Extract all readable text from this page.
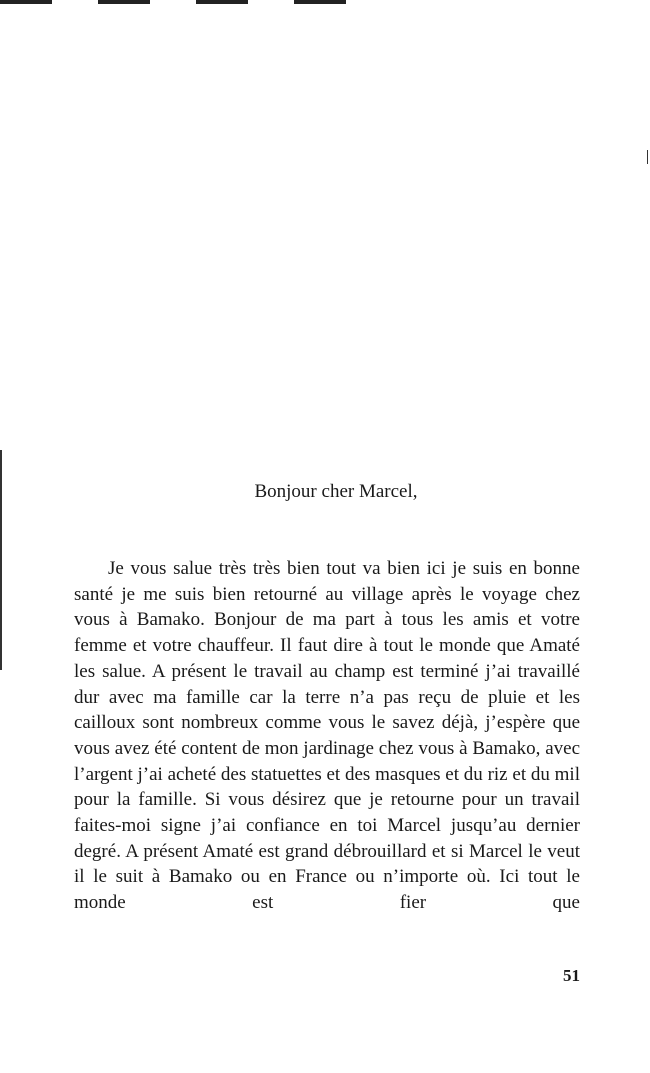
Bonjour cher Marcel,

Je vous salue très très bien tout va bien ici je suis en bonne santé je me suis bien retourné au village après le voyage chez vous à Bamako. Bonjour de ma part à tous les amis et votre femme et votre chauffeur. Il faut dire à tout le monde que Amaté les salue. A présent le travail au champ est terminé j’ai travaillé dur avec ma famille car la terre n’a pas reçu de pluie et les cailloux sont nombreux comme vous le savez déjà, j’espère que vous avez été content de mon jardinage chez vous à Bamako, avec l’argent j’ai acheté des statuettes et des masques et du riz et du mil pour la famille. Si vous désirez que je retourne pour un travail faites-moi signe j’ai confiance en toi Marcel jusqu’au dernier degré. A présent Amaté est grand débrouillard et si Marcel le veut il le suit à Bamako ou en France ou n’importe où. Ici tout le monde est fier que

51
